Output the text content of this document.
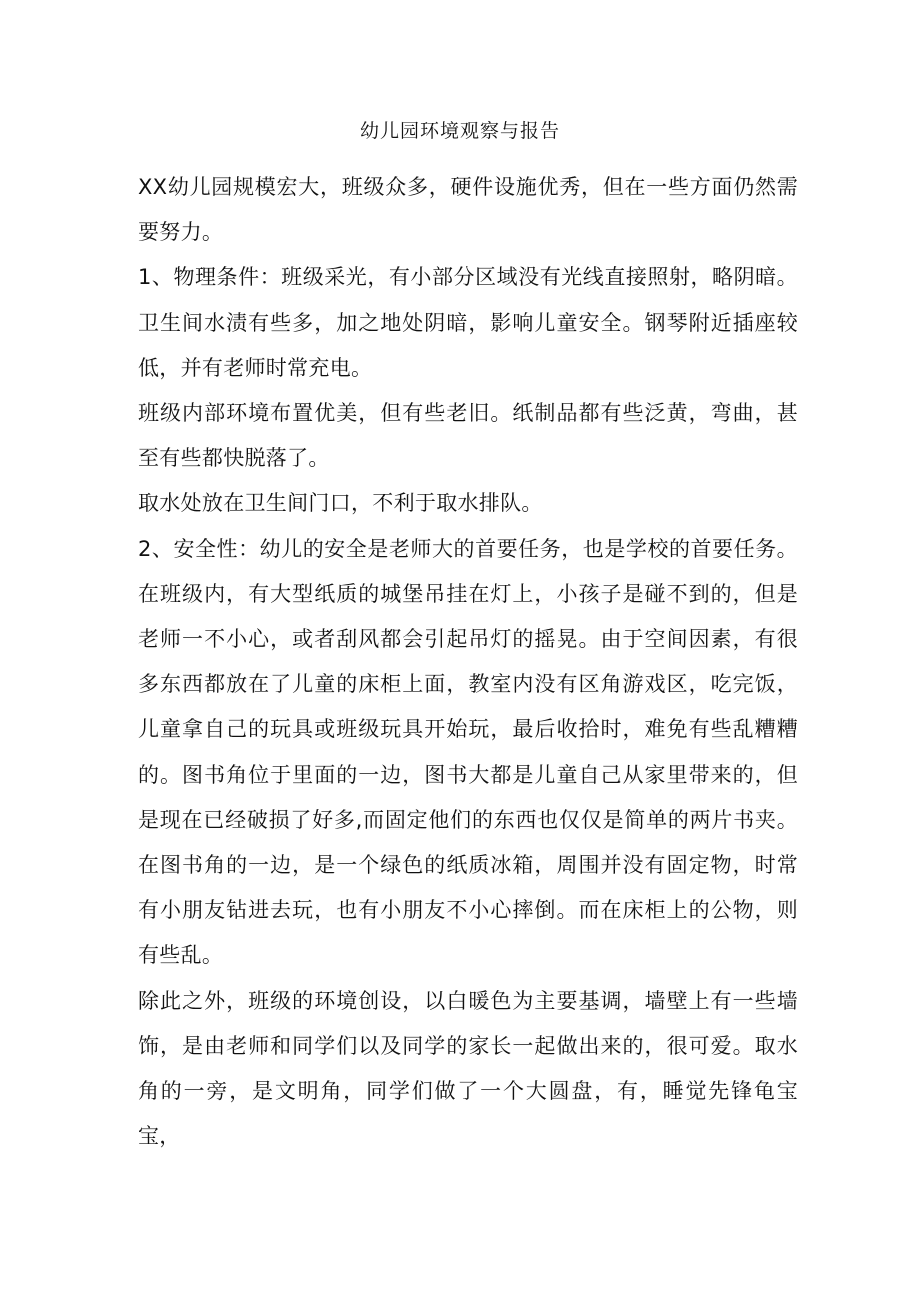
幼儿园环境观察与报告

XX幼儿园规模宏大，班级众多，硬件设施优秀，但在一些方面仍然需要努力。

1、物理条件：班级采光，有小部分区域没有光线直接照射，略阴暗。卫生间水渍有些多，加之地处阴暗，影响儿童安全。钢琴附近插座较低，并有老师时常充电。

班级内部环境布置优美，但有些老旧。纸制品都有些泛黄，弯曲，甚至有些都快脱落了。

取水处放在卫生间门口，不利于取水排队。

2、安全性：幼儿的安全是老师大的首要任务，也是学校的首要任务。在班级内，有大型纸质的城堡吊挂在灯上，小孩子是碰不到的，但是老师一不小心，或者刮风都会引起吊灯的摇晃。由于空间因素，有很多东西都放在了儿童的床柜上面，教室内没有区角游戏区，吃完饭，儿童拿自己的玩具或班级玩具开始玩，最后收拾时，难免有些乱糟糟的。图书角位于里面的一边，图书大都是儿童自己从家里带来的，但是现在已经破损了好多,而固定他们的东西也仅仅是简单的两片书夹。在图书角的一边，是一个绿色的纸质冰箱，周围并没有固定物，时常有小朋友钻进去玩，也有小朋友不小心摔倒。而在床柜上的公物，则有些乱。

除此之外，班级的环境创设，以白暖色为主要基调，墙壁上有一些墙饰，是由老师和同学们以及同学的家长一起做出来的，很可爱。取水角的一旁，是文明角，同学们做了一个大圆盘，有，睡觉先锋龟宝宝，
